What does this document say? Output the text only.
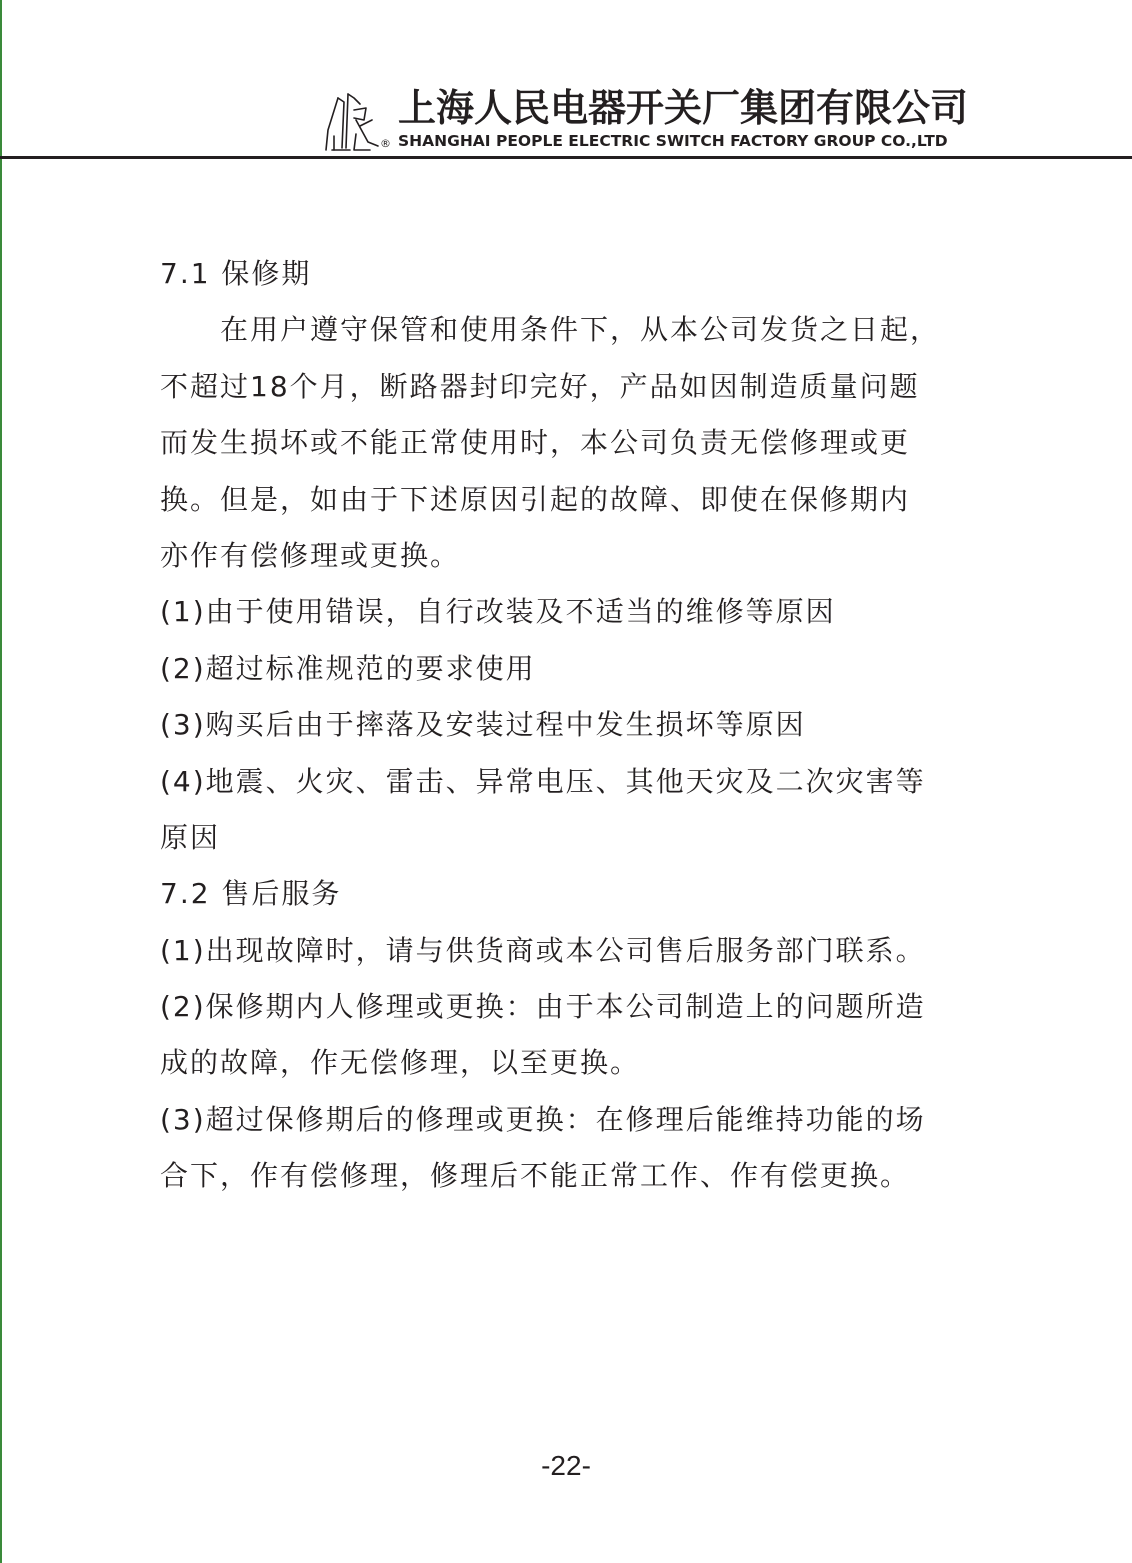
®
上海人民电器开关厂集团有限公司
SHANGHAI PEOPLE ELECTRIC SWITCH FACTORY GROUP CO.,LTD
7.1 保修期
在用户遵守保管和使用条件下，从本公司发货之日起，
不超过18个月，断路器封印完好，产品如因制造质量问题
而发生损坏或不能正常使用时，本公司负责无偿修理或更
换。但是，如由于下述原因引起的故障、即使在保修期内
亦作有偿修理或更换。
(1)由于使用错误，自行改装及不适当的维修等原因
(2)超过标准规范的要求使用
(3)购买后由于摔落及安装过程中发生损坏等原因
(4)地震、火灾、雷击、异常电压、其他天灾及二次灾害等
原因
7.2 售后服务
(1)出现故障时，请与供货商或本公司售后服务部门联系。
(2)保修期内人修理或更换：由于本公司制造上的问题所造
成的故障，作无偿修理，以至更换。
(3)超过保修期后的修理或更换：在修理后能维持功能的场
合下，作有偿修理，修理后不能正常工作、作有偿更换。
-22-
